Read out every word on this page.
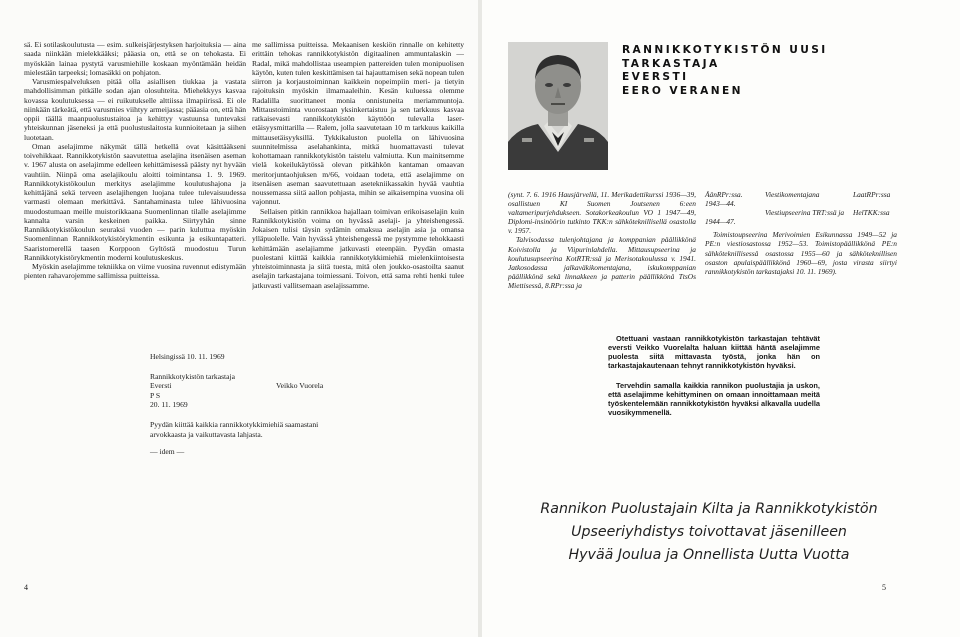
sä. Ei sotilaskoulutusta — esim. sulkeisjärjestyksen harjoituksia — aina saada niinkään mielekkääksi; pääasia on, että se on tehokasta. Ei myöskään lainaa pystytä varusmiehille koskaan myöntämään heidän mielestään tarpeeksi; lomasäkki on pohjaton.

Varusmiespalveluksen pitää olla asiallisen tiukkaa ja vastata mahdollisimman pitkälle sodan ajan olosuhteita. Miehekkyys kasvaa kovassa koulutuksessa — ei ruikutukselle alttiissa ilmapiirissä. Ei ole niinkään tärkeätä, että varusmies viihtyy armeijassa; pääasia on, että hän oppii täällä maanpuolustustaitoa ja kehittyy vastuunsa tuntevaksi yhteiskunnan jäseneksi ja että puolustuslaitosta kunnioitetaan ja siihen luotetaan.

Oman aselajimme näkymät tällä hetkellä ovat käsittääkseni toivehikkaat. Rannikkotykistön saavutettua aselajina itsenäisen aseman v. 1967 alusta on aselajimme edelleen kehittämisessä päästy nyt hyvään vauhtiin. Niinpä oma aselajikoulu aloitti toimintansa 1. 9. 1969. Rannikkotykistökoulun merkitys aselajimme koulutushajona ja kehittäjänä sekä terveen aselajihengen luojana tulee tulevaisuudessa varmasti olemaan merkittävä. Santahaminasta tulee lähivuosina muodostumaan meille muistorikkaana Suomenlinnan tilalle aselajimme kannalta varsin keskeinen paikka. Siirtyyhän sinne Rannikkotykistökoulun seuraksi vuoden — parin kuluttua myöskin Suomenlinnan Rannikkotykistörykmentin esikunta ja esikuntapatteri. Saaristomerellä taasen Korppoon Gyltöstä muodostuu Turun Rannikkotykistörykmentin moderni koulutuskeskus.

Myöskin aselajimme tekniikka on viime vuosina ruvennut edistymään pienten rahavarojemme sallimissa puitteissa.

me sallimissa puitteissa. Mekaanisen keskiön rinnalle on kehitetty erittäin tehokas rannikkotykistön digitaalinen ammuntalaskin — Radal, mikä mahdollistaa useampien pattereiden tulen monipuolisen käytön, kuten tulen keskittämisen tai hajauttamisen sekä nopean tulen siirron ja korjaustoiminnan kaikkein nopeimpiin meri- ja tietyin rajoituksin myöskin ilmamaaleihin. Kesän kuluessa olemme Radalilla suorittaneet monia onnistuneita meriammuntoja. Mittaustoiminta vuorostaan yksinkertaistuu ja sen tarkkuus kasvaa ratkaisevasti rannikkotykistön käyttöön tulevalla laser-etäisyysmittarilla — Ralem, jolla saavutetaan 10 m tarkkuus kaikilla mittausetäisyyksillä. Tykkikaluston puolella on lähivuosina suunnitelmissa aselahankinta, mitkä huomattavasti tulevat kohottamaan rannikkotykistön taistelu valmiutta. Kun mainitsemme vielä kokeilukäytössä olevan pitkähkön kantaman omaavan meritorjuntaohjuksen m/66, voidaan todeta, että aselajimme on itsenäisen aseman saavutettuaan asetekniikassakin hyvää vauhtia noussemassa siitä aallon pohjasta, mihin se aikaisempina vuosina oli vajonnut.

Sellaisen pitkin rannikkoa hajallaan toimivan erikoisaselajin kuin Rannikkotykistön voima on hyvässä aselaji- ja yhteishengessä. Jokaisen tulisi täysin sydämin omaksua aselajin asia ja omansa ylläpuolelle. Vain hyvässä yhteishengessä me pystymme tehokkaasti kehittämään aselajiamme jatkuvasti eteenpäin. Pyydän omasta puolestani kiittää kaikkia rannikkotykkimiehiä mielenkiintoisesta yhteistoiminnasta ja siitä tuesta, mitä olen joukko-osastoilta saanut aselajin tarkastajana toimiessani. Toivon, että sama rehti henki tulee jatkuvasti vallitsemaan aselajissamme.

Helsingissä 10. 11. 1969
Rannikkotykistön tarkastaja
Eversti	Veikko Vuorela
P S
20. 11. 1969
Pyydän kiittää kaikkia rannikkotykkimiehiä saamastani arvokkaasta ja vaikuttavasta lahjasta.
— idem —
4
RANNIKKOTYKISTÖN UUSI
TARKASTAJA
EVERSTI
EERO VERANEN

(synt. 7. 6. 1916 Hausjärvellä, 11. Merikadettikurssi 1936—39, osallistuen KI Suomen Joutsenen 6:een valtameripurjehdukseen. Sotakorkeakoulun VO 1 1947—49, Diplomi-insinöörin tutkinto TKK:n sähköteknillisellä osastolla v. 1957.

Talvisodassa tulenjohtajana ja komppanian päällikkönä Koivistolla ja Viipurinlahdella. Mittausupseerina ja koulutusupseerina KotRTR:ssä ja Merisotakoulussa v. 1941. Jatkosodassa jalkaväkikomentajana, iskukomppanian päällikkönä sekä linnakkeen ja patterin päällikkönä TtsOs Miettisessä, 8.RPr:ssa ja

ÄänRPr:ssa.	Viestikomentajana	LaatRPr:ssa
1943—44.
Viestiupseerina TRT:ssä ja	HelTKK:ssa
1944—47.

Toimistoupseerina Merivoimien Esikunnassa 1949—52 ja PE:n viestiosastossa 1952—53. Toimistopäällikkönä PE:n sähköteknillisessä osastossa 1955—60 ja sähköteknillisen osaston apulaispäällikkönä 1960—69, josta virasta siirtyi rannikkotykistön tarkastajaksi 10. 11. 1969).

Otettuani vastaan rannikkotykistön tarkastajan tehtävät eversti Veikko Vuorelalta haluan kiittää häntä aselajimme puolesta siitä mittavasta työstä, jonka hän on tarkastajakautenaan tehnyt rannikkotykistön hyväksi.

Tervehdin samalla kaikkia rannikon puolustajia ja uskon, että aselajimme kehittyminen on omaan innoittamaan meitä työskentelemään rannikkotykistön hyväksi alkavalla uudella vuosikymmenellä.

Rannikon Puolustajain Kilta ja Rannikkotykistön
Upseeriyhdistys toivottavat jäsenilleen
Hyvää Joulua ja Onnellista Uutta Vuotta
5
